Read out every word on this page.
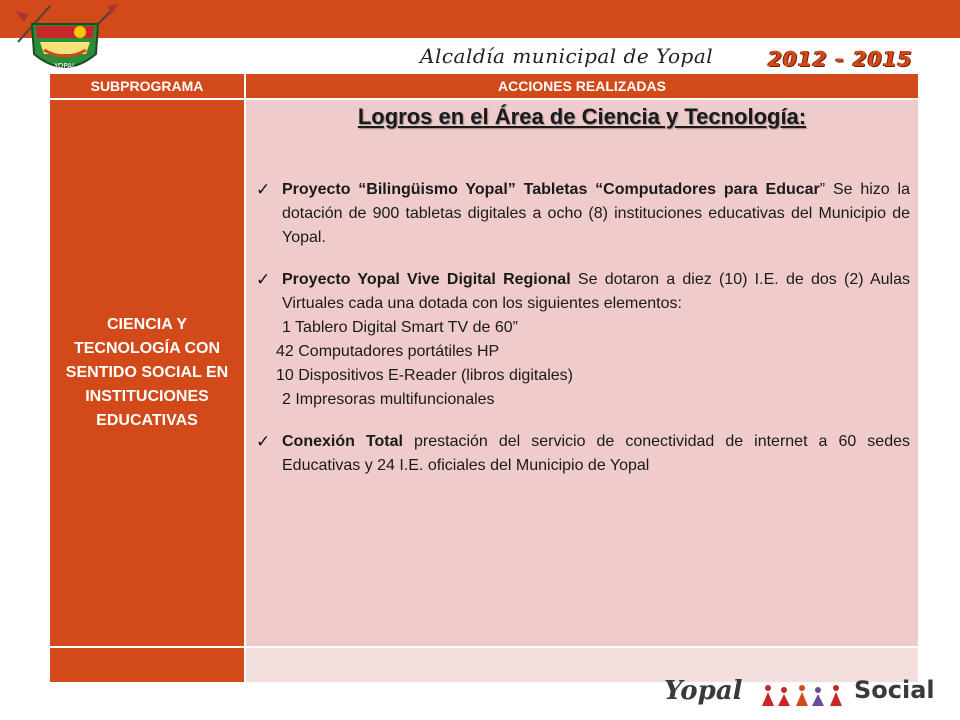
YOPAL	Alcaldía municipal de Yopal	2012 - 2015
SUBPROGRAMA	ACCIONES REALIZADAS
CIENCIA Y TECNOLOGÍA CON SENTIDO SOCIAL EN INSTITUCIONES EDUCATIVAS
Logros en el Área de Ciencia y Tecnología:
✓ Proyecto “Bilingüismo Yopal” Tabletas “Computadores para Educar” Se hizo la dotación de 900 tabletas digitales a ocho (8) instituciones educativas del Municipio de Yopal.
✓ Proyecto Yopal Vive Digital Regional Se dotaron a diez (10) I.E. de dos (2) Aulas Virtuales cada una dotada con los siguientes elementos:
1 Tablero Digital Smart TV de 60”
42 Computadores portátiles HP
10 Dispositivos E-Reader (libros digitales)
2 Impresoras multifuncionales
✓ Conexión Total prestación del servicio de conectividad de internet a 60 sedes Educativas y 24 I.E. oficiales del Municipio de Yopal
Yopal	Social
